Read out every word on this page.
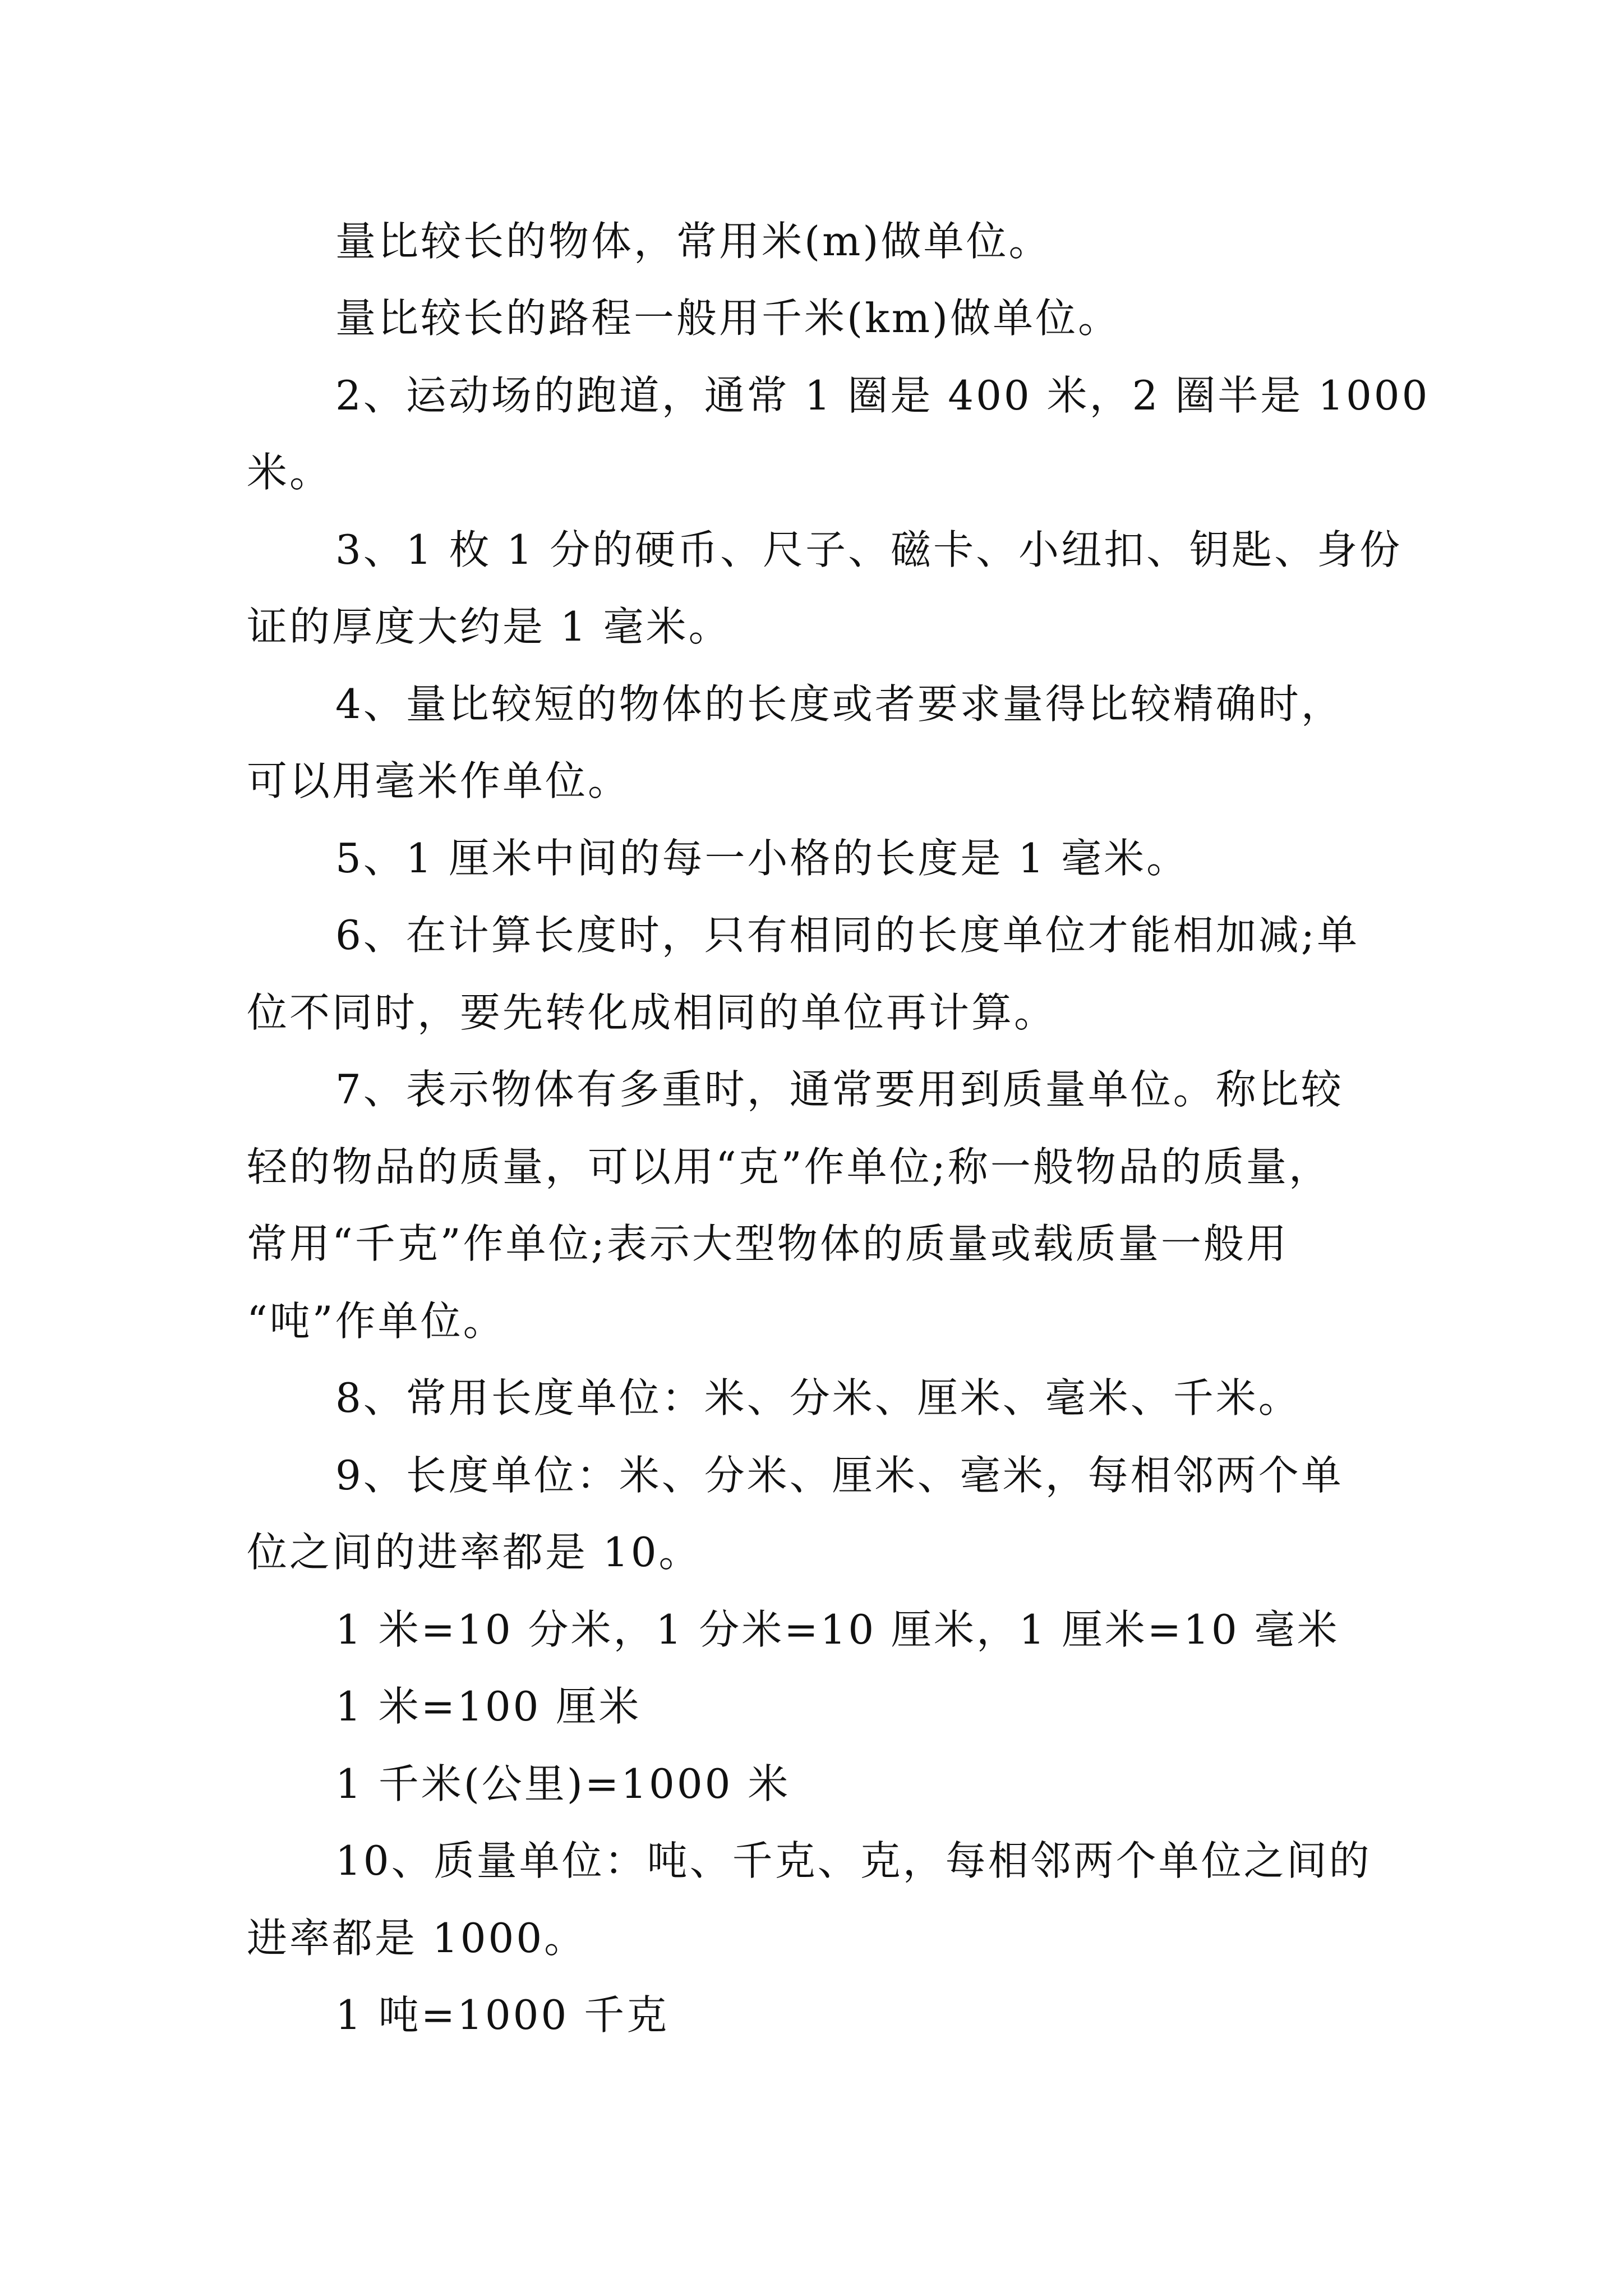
量比较长的物体，常用米(m)做单位。
量比较长的路程一般用千米(km)做单位。
2、运动场的跑道，通常 1 圈是 400 米，2 圈半是 1000
米。
3、1 枚 1 分的硬币、尺子、磁卡、小纽扣、钥匙、身份
证的厚度大约是 1 毫米。
4、量比较短的物体的长度或者要求量得比较精确时，
可以用毫米作单位。
5、1 厘米中间的每一小格的长度是 1 毫米。
6、在计算长度时，只有相同的长度单位才能相加减;单
位不同时，要先转化成相同的单位再计算。
7、表示物体有多重时，通常要用到质量单位。称比较
轻的物品的质量，可以用“克”作单位;称一般物品的质量，
常用“千克”作单位;表示大型物体的质量或载质量一般用
“吨”作单位。
8、常用长度单位：米、分米、厘米、毫米、千米。
9、长度单位：米、分米、厘米、毫米，每相邻两个单
位之间的进率都是 10。
1 米=10 分米，1 分米=10 厘米，1 厘米=10 毫米
1 米=100 厘米
1 千米(公里)=1000 米
10、质量单位：吨、千克、克，每相邻两个单位之间的
进率都是 1000。
1 吨=1000 千克
